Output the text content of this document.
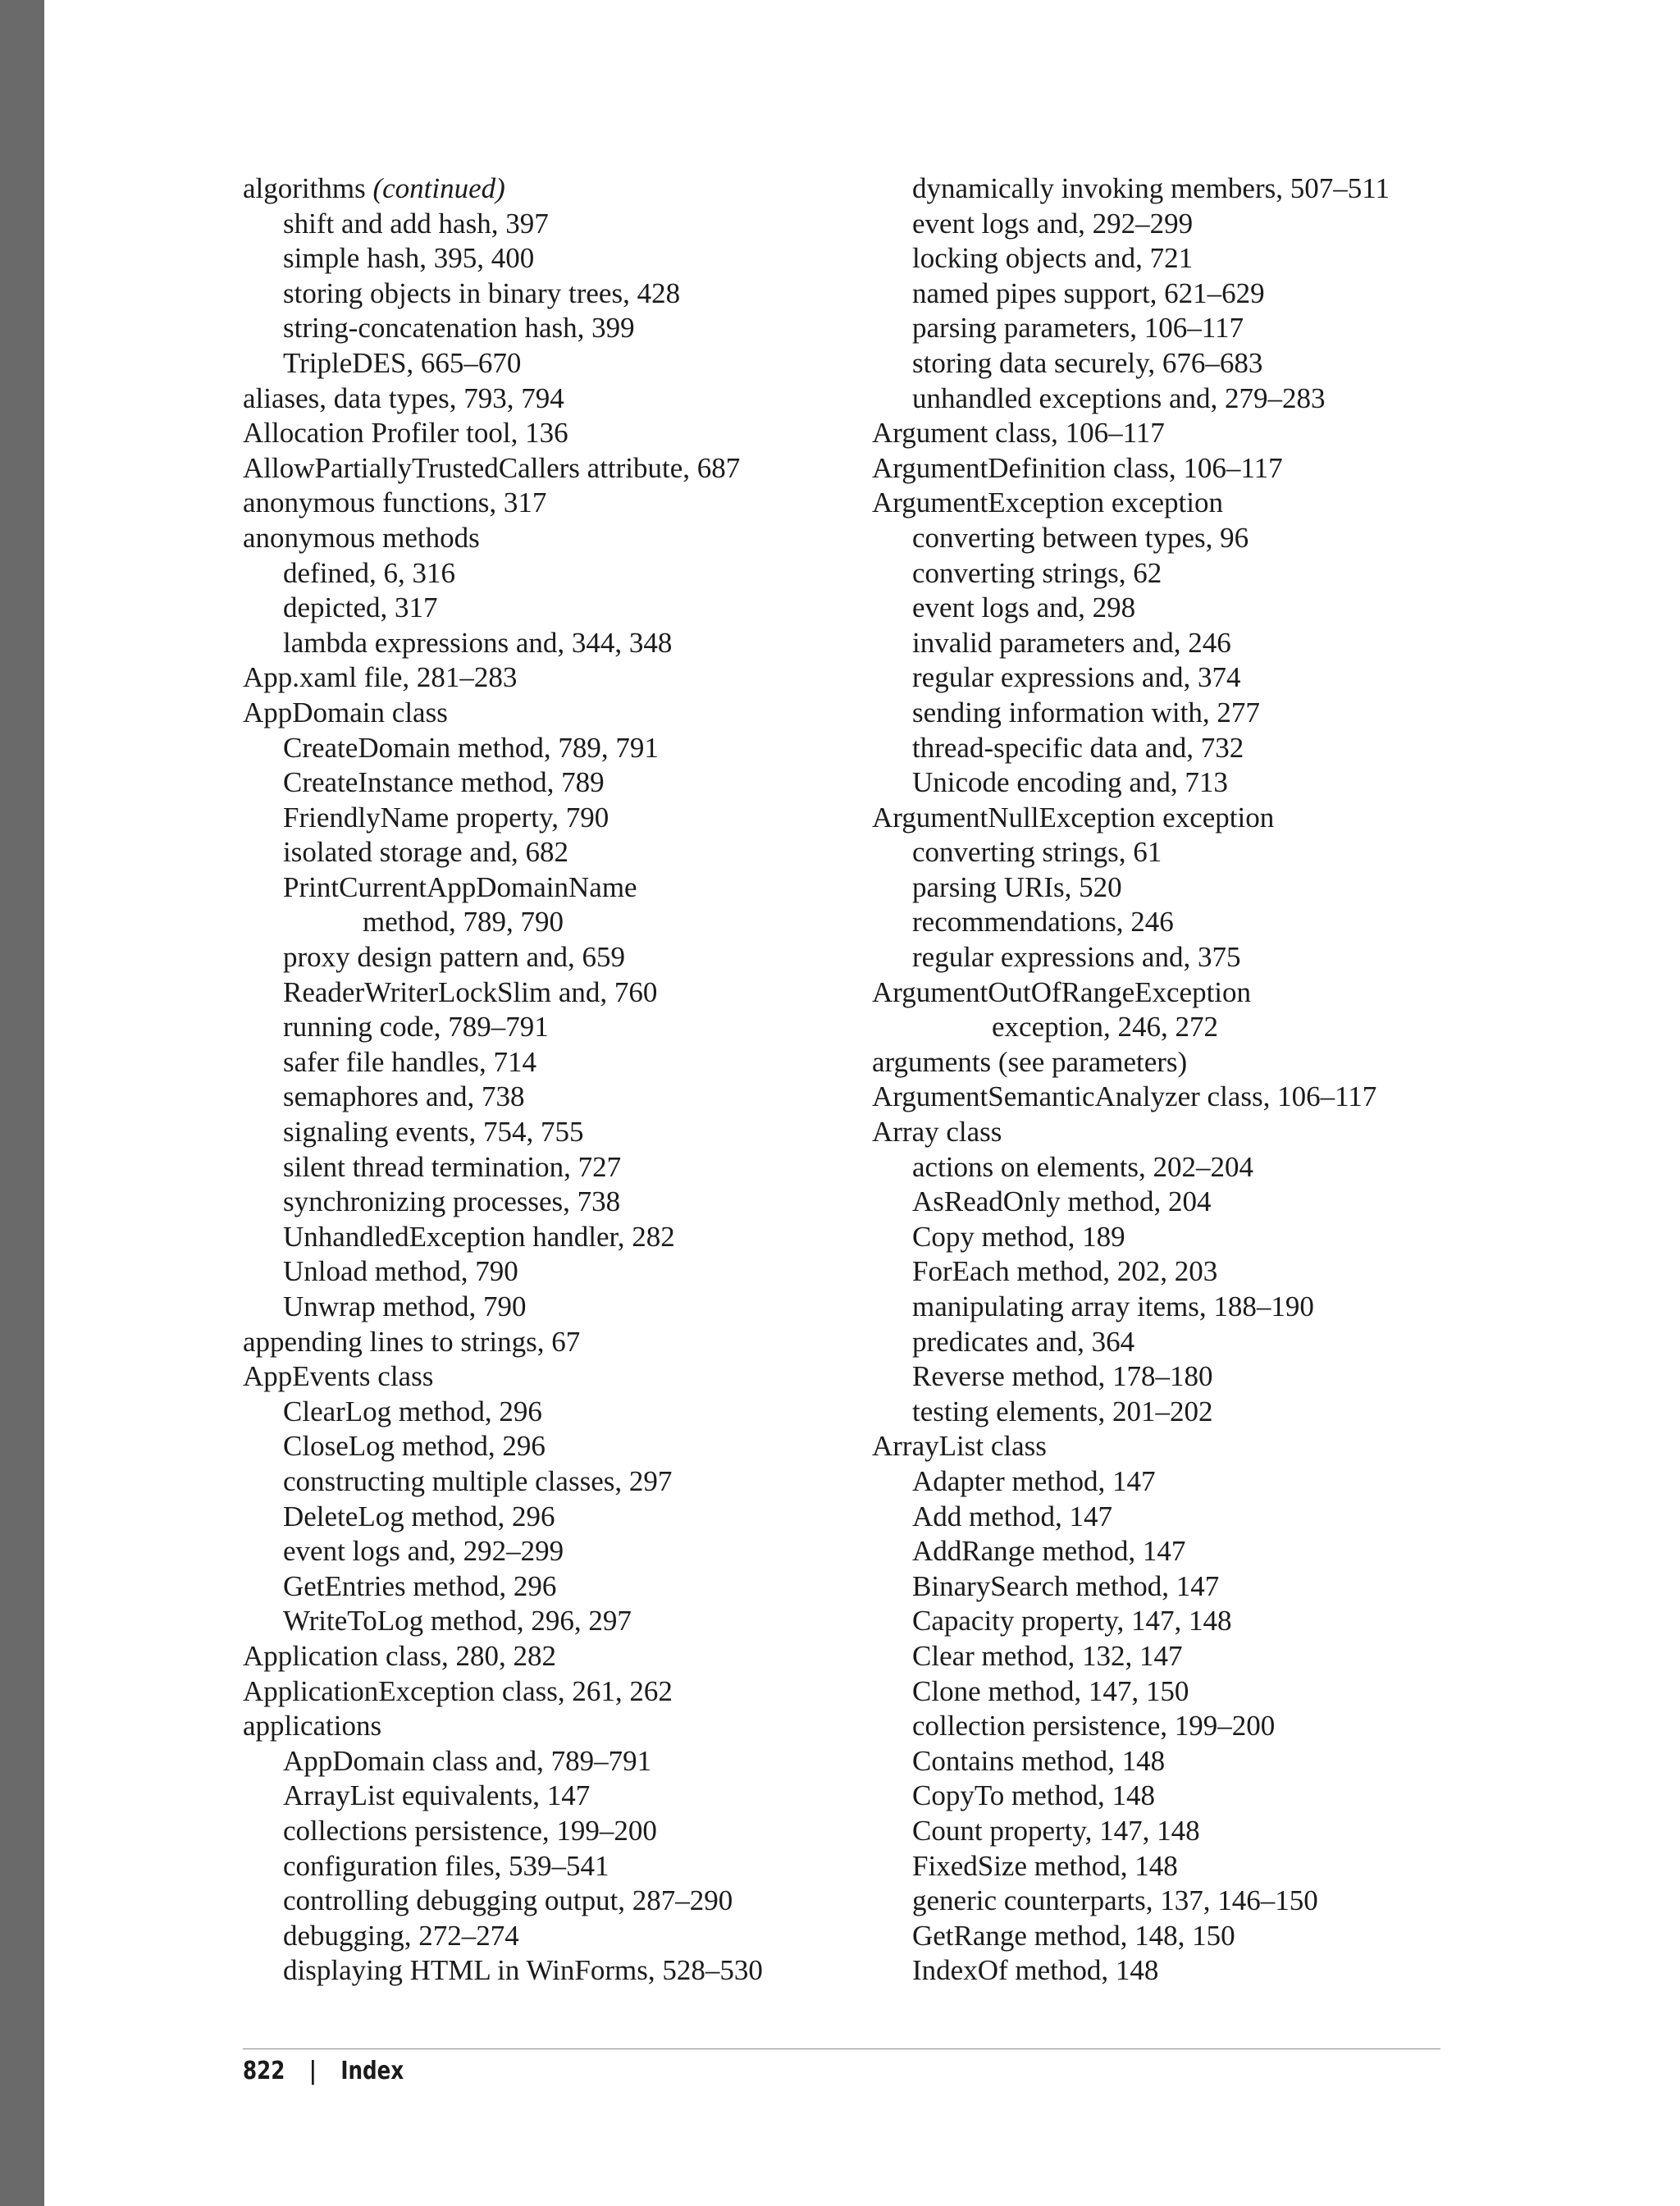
algorithms (continued)
shift and add hash, 397
simple hash, 395, 400
storing objects in binary trees, 428
string-concatenation hash, 399
TripleDES, 665–670
aliases, data types, 793, 794
Allocation Profiler tool, 136
AllowPartiallyTrustedCallers attribute, 687
anonymous functions, 317
anonymous methods
defined, 6, 316
depicted, 317
lambda expressions and, 344, 348
App.xaml file, 281–283
AppDomain class
CreateDomain method, 789, 791
CreateInstance method, 789
FriendlyName property, 790
isolated storage and, 682
PrintCurrentAppDomainName
method, 789, 790
proxy design pattern and, 659
ReaderWriterLockSlim and, 760
running code, 789–791
safer file handles, 714
semaphores and, 738
signaling events, 754, 755
silent thread termination, 727
synchronizing processes, 738
UnhandledException handler, 282
Unload method, 790
Unwrap method, 790
appending lines to strings, 67
AppEvents class
ClearLog method, 296
CloseLog method, 296
constructing multiple classes, 297
DeleteLog method, 296
event logs and, 292–299
GetEntries method, 296
WriteToLog method, 296, 297
Application class, 280, 282
ApplicationException class, 261, 262
applications
AppDomain class and, 789–791
ArrayList equivalents, 147
collections persistence, 199–200
configuration files, 539–541
controlling debugging output, 287–290
debugging, 272–274
displaying HTML in WinForms, 528–530
dynamically invoking members, 507–511
event logs and, 292–299
locking objects and, 721
named pipes support, 621–629
parsing parameters, 106–117
storing data securely, 676–683
unhandled exceptions and, 279–283
Argument class, 106–117
ArgumentDefinition class, 106–117
ArgumentException exception
converting between types, 96
converting strings, 62
event logs and, 298
invalid parameters and, 246
regular expressions and, 374
sending information with, 277
thread-specific data and, 732
Unicode encoding and, 713
ArgumentNullException exception
converting strings, 61
parsing URIs, 520
recommendations, 246
regular expressions and, 375
ArgumentOutOfRangeException
exception, 246, 272
arguments (see parameters)
ArgumentSemanticAnalyzer class, 106–117
Array class
actions on elements, 202–204
AsReadOnly method, 204
Copy method, 189
ForEach method, 202, 203
manipulating array items, 188–190
predicates and, 364
Reverse method, 178–180
testing elements, 201–202
ArrayList class
Adapter method, 147
Add method, 147
AddRange method, 147
BinarySearch method, 147
Capacity property, 147, 148
Clear method, 132, 147
Clone method, 147, 150
collection persistence, 199–200
Contains method, 148
CopyTo method, 148
Count property, 147, 148
FixedSize method, 148
generic counterparts, 137, 146–150
GetRange method, 148, 150
IndexOf method, 148
822 | Index
